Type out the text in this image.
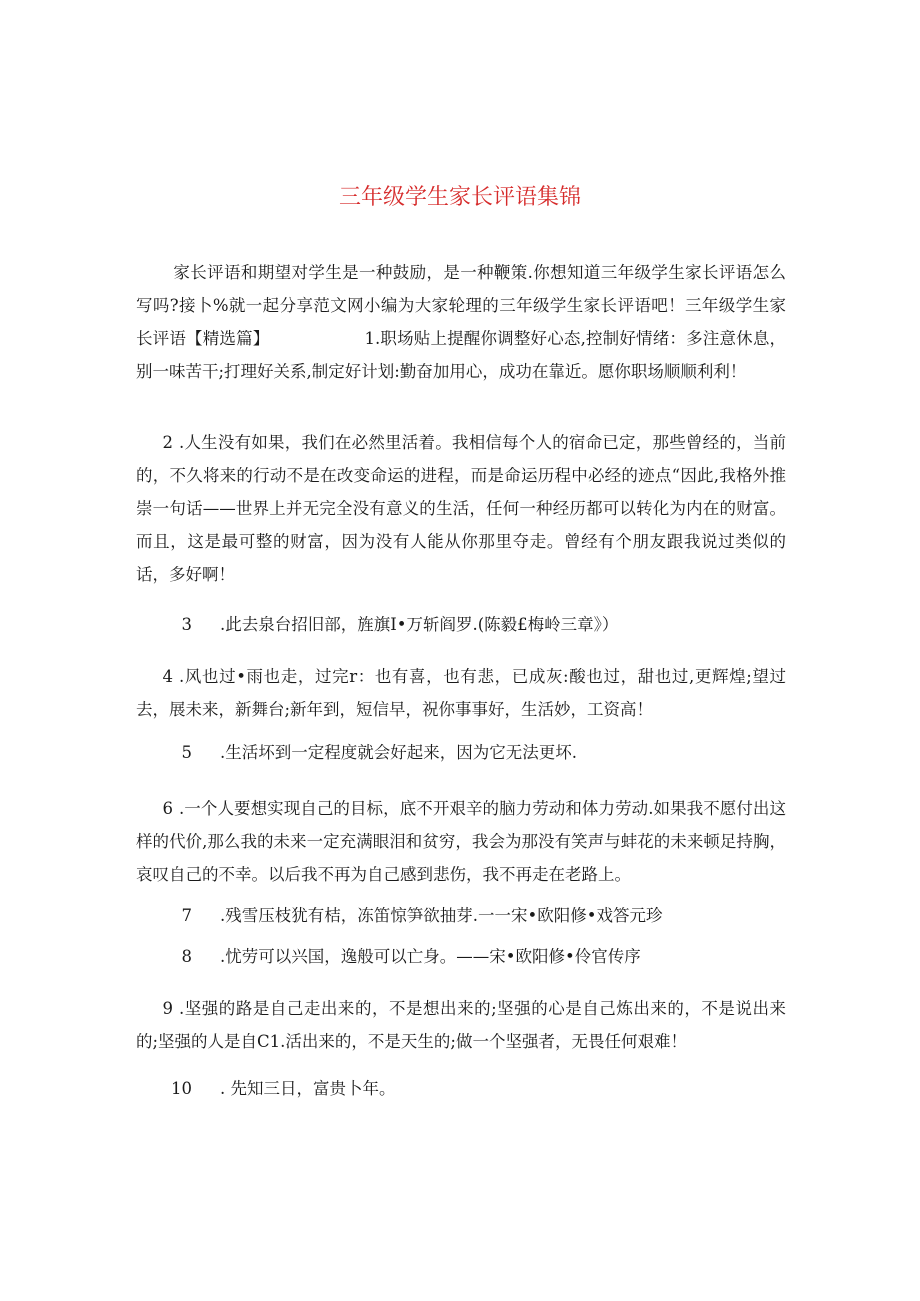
三年级学生家长评语集锦

家长评语和期望对学生是一种鼓励，是一种鞭策.你想知道三年级学生家长评语怎么写吗?接卜%就一起分享范文网小编为大家轮理的三年级学生家长评语吧！三年级学生家长评语【精选篇】	1.职场贴上提醒你调整好心态,控制好情绪：多注意休息，别一味苦干;打理好关系,制定好计划:勤奋加用心，成功在靠近。愿你职场顺顺利利！

2 .人生没有如果，我们在必然里活着。我相信每个人的宿命已定，那些曾经的，当前的，不久将来的行动不是在改变命运的进程，而是命运历程中必经的迹点“因此,我格外推崇一句话——世界上并无完全没有意义的生活，任何一种经历都可以转化为内在的财富。而且，这是最可整的财富，因为没有人能从你那里夺走。曾经有个朋友跟我说过类似的话，多好啊！

3 .此去泉台招旧部，旌旗I•万斩阎罗.(陈毅£梅岭三章》）

4 .风也过•雨也走，过完r：也有喜，也有悲，已成灰:酸也过，甜也过,更辉煌;望过去，展未来，新舞台;新年到，短信早，祝你事事好，生活妙，工资高！

5 .生活坏到一定程度就会好起来，因为它无法更坏.

6 .一个人要想实现自己的目标，底不开艰辛的脑力劳动和体力劳动.如果我不愿付出这样的代价,那么我的未来一定充满眼泪和贫穷，我会为那没有笑声与蚌花的未来顿足持胸，哀叹自己的不幸。以后我不再为自己感到悲伤，我不再走在老路上。

7 .残雪压枝犹有桔，冻笛惊笋欲抽芽.一一宋•欧阳修•戏答元珍

8 .忧劳可以兴国，逸般可以亡身。——宋•欧阳修•伶官传序

9 .坚强的路是自己走出来的，不是想出来的;坚强的心是自己炼出来的，不是说出来的;坚强的人是自C1.活出来的，不是天生的;做一个坚强者，无畏任何艰难！

10 . 先知三日，富贵卜年。
